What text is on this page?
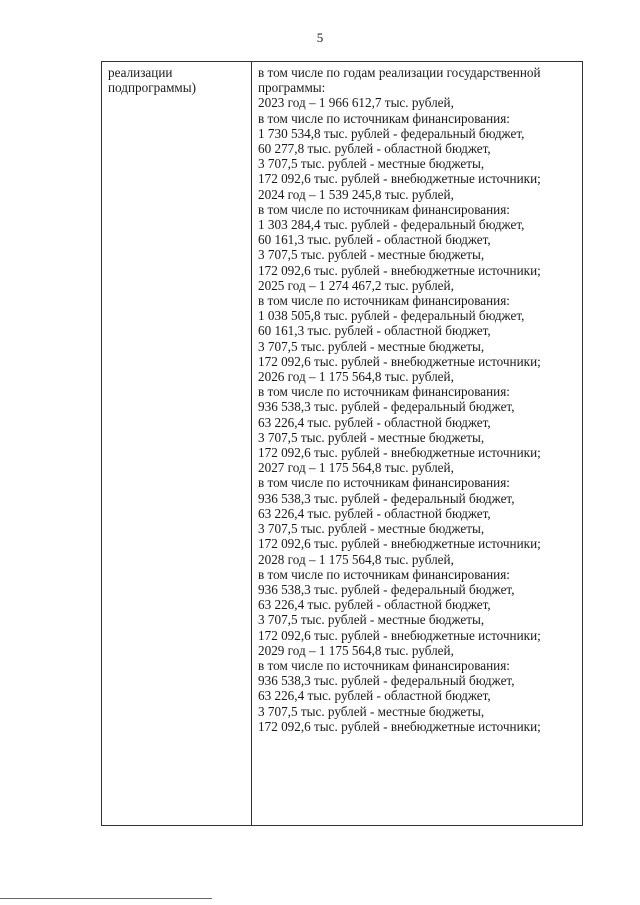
5
реализации
подпрограммы)
в том числе по годам реализации государственной
программы:
2023 год – 1 966 612,7 тыс. рублей,
в том числе по источникам финансирования:
1 730 534,8 тыс. рублей - федеральный бюджет,
60 277,8 тыс. рублей - областной бюджет,
3 707,5 тыс. рублей - местные бюджеты,
172 092,6 тыс. рублей - внебюджетные источники;
2024 год – 1 539 245,8 тыс. рублей,
в том числе по источникам финансирования:
1 303 284,4 тыс. рублей - федеральный бюджет,
60 161,3 тыс. рублей - областной бюджет,
3 707,5 тыс. рублей - местные бюджеты,
172 092,6 тыс. рублей - внебюджетные источники;
2025 год – 1 274 467,2 тыс. рублей,
в том числе по источникам финансирования:
1 038 505,8 тыс. рублей - федеральный бюджет,
60 161,3 тыс. рублей - областной бюджет,
3 707,5 тыс. рублей - местные бюджеты,
172 092,6 тыс. рублей - внебюджетные источники;
2026 год – 1 175 564,8 тыс. рублей,
в том числе по источникам финансирования:
936 538,3 тыс. рублей - федеральный бюджет,
63 226,4 тыс. рублей - областной бюджет,
3 707,5 тыс. рублей - местные бюджеты,
172 092,6 тыс. рублей - внебюджетные источники;
2027 год – 1 175 564,8 тыс. рублей,
в том числе по источникам финансирования:
936 538,3 тыс. рублей - федеральный бюджет,
63 226,4 тыс. рублей - областной бюджет,
3 707,5 тыс. рублей - местные бюджеты,
172 092,6 тыс. рублей - внебюджетные источники;
2028 год – 1 175 564,8 тыс. рублей,
в том числе по источникам финансирования:
936 538,3 тыс. рублей - федеральный бюджет,
63 226,4 тыс. рублей - областной бюджет,
3 707,5 тыс. рублей - местные бюджеты,
172 092,6 тыс. рублей - внебюджетные источники;
2029 год – 1 175 564,8 тыс. рублей,
в том числе по источникам финансирования:
936 538,3 тыс. рублей - федеральный бюджет,
63 226,4 тыс. рублей - областной бюджет,
3 707,5 тыс. рублей - местные бюджеты,
172 092,6 тыс. рублей - внебюджетные источники;
